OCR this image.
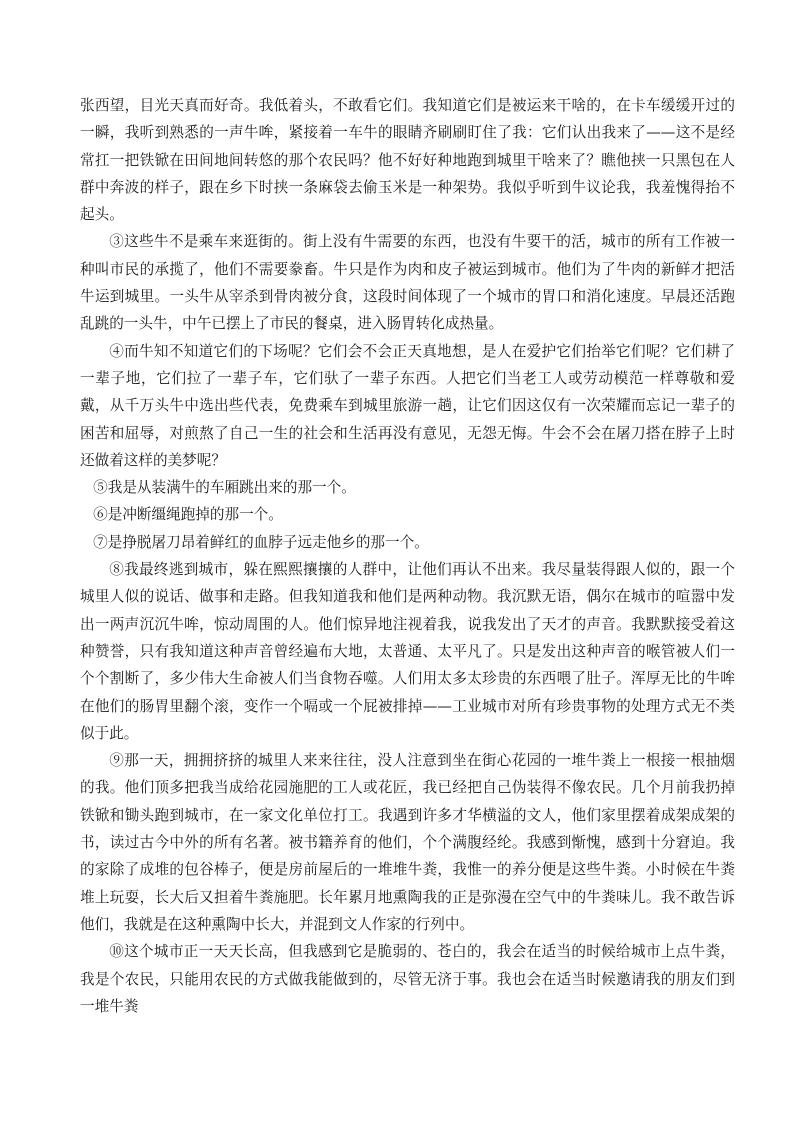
张西望，目光天真而好奇。我低着头，不敢看它们。我知道它们是被运来干啥的，在卡车缓缓开过的一瞬，我听到熟悉的一声牛哞，紧接着一车牛的眼睛齐刷刷盯住了我：它们认出我来了——这不是经常扛一把铁锨在田间地间转悠的那个农民吗？他不好好种地跑到城里干啥来了？瞧他挟一只黑包在人群中奔波的样子，跟在乡下时挟一条麻袋去偷玉米是一种架势。我似乎听到牛议论我，我羞愧得抬不起头。

③这些牛不是乘车来逛街的。街上没有牛需要的东西，也没有牛要干的活，城市的所有工作被一种叫市民的承揽了，他们不需要豢畜。牛只是作为肉和皮子被运到城市。他们为了牛肉的新鲜才把活牛运到城里。一头牛从宰杀到骨肉被分食，这段时间体现了一个城市的胃口和消化速度。早晨还活跑乱跳的一头牛，中午已摆上了市民的餐桌，进入肠胃转化成热量。

④而牛知不知道它们的下场呢？它们会不会正天真地想，是人在爱护它们抬举它们呢？它们耕了一辈子地，它们拉了一辈子车，它们驮了一辈子东西。人把它们当老工人或劳动模范一样尊敬和爱戴，从千万头牛中选出些代表，免费乘车到城里旅游一趟，让它们因这仅有一次荣耀而忘记一辈子的困苦和屈辱，对煎熬了自己一生的社会和生活再没有意见，无怨无悔。牛会不会在屠刀搭在脖子上时还做着这样的美梦呢？

⑤我是从装满牛的车厢跳出来的那一个。

⑥是冲断缰绳跑掉的那一个。

⑦是挣脱屠刀昂着鲜红的血脖子远走他乡的那一个。

⑧我最终逃到城市，躲在熙熙攘攘的人群中，让他们再认不出来。我尽量装得跟人似的，跟一个城里人似的说话、做事和走路。但我知道我和他们是两种动物。我沉默无语，偶尔在城市的喧嚣中发出一两声沉沉牛哞，惊动周围的人。他们惊异地注视着我，说我发出了天才的声音。我默默接受着这种赞誉，只有我知道这种声音曾经遍布大地，太普通、太平凡了。只是发出这种声音的喉管被人们一个个割断了，多少伟大生命被人们当食物吞噬。人们用太多太珍贵的东西喂了肚子。浑厚无比的牛哞在他们的肠胃里翻个滚，变作一个嗝或一个屁被排掉——工业城市对所有珍贵事物的处理方式无不类似于此。

⑨那一天，拥拥挤挤的城里人来来往往，没人注意到坐在街心花园的一堆牛粪上一根接一根抽烟的我。他们顶多把我当成给花园施肥的工人或花匠，我已经把自己伪装得不像农民。几个月前我扔掉铁锨和锄头跑到城市，在一家文化单位打工。我遇到许多才华横溢的文人，他们家里摆着成架成架的书，读过古今中外的所有名著。被书籍养育的他们，个个满腹经纶。我感到惭愧，感到十分窘迫。我的家除了成堆的包谷棒子，便是房前屋后的一堆堆牛粪，我惟一的养分便是这些牛粪。小时候在牛粪堆上玩耍，长大后又担着牛粪施肥。长年累月地熏陶我的正是弥漫在空气中的牛粪味儿。我不敢告诉他们，我就是在这种熏陶中长大，并混到文人作家的行列中。

⑩这个城市正一天天长高，但我感到它是脆弱的、苍白的，我会在适当的时候给城市上点牛粪，我是个农民，只能用农民的方式做我能做到的，尽管无济于事。我也会在适当时候邀请我的朋友们到一堆牛粪
